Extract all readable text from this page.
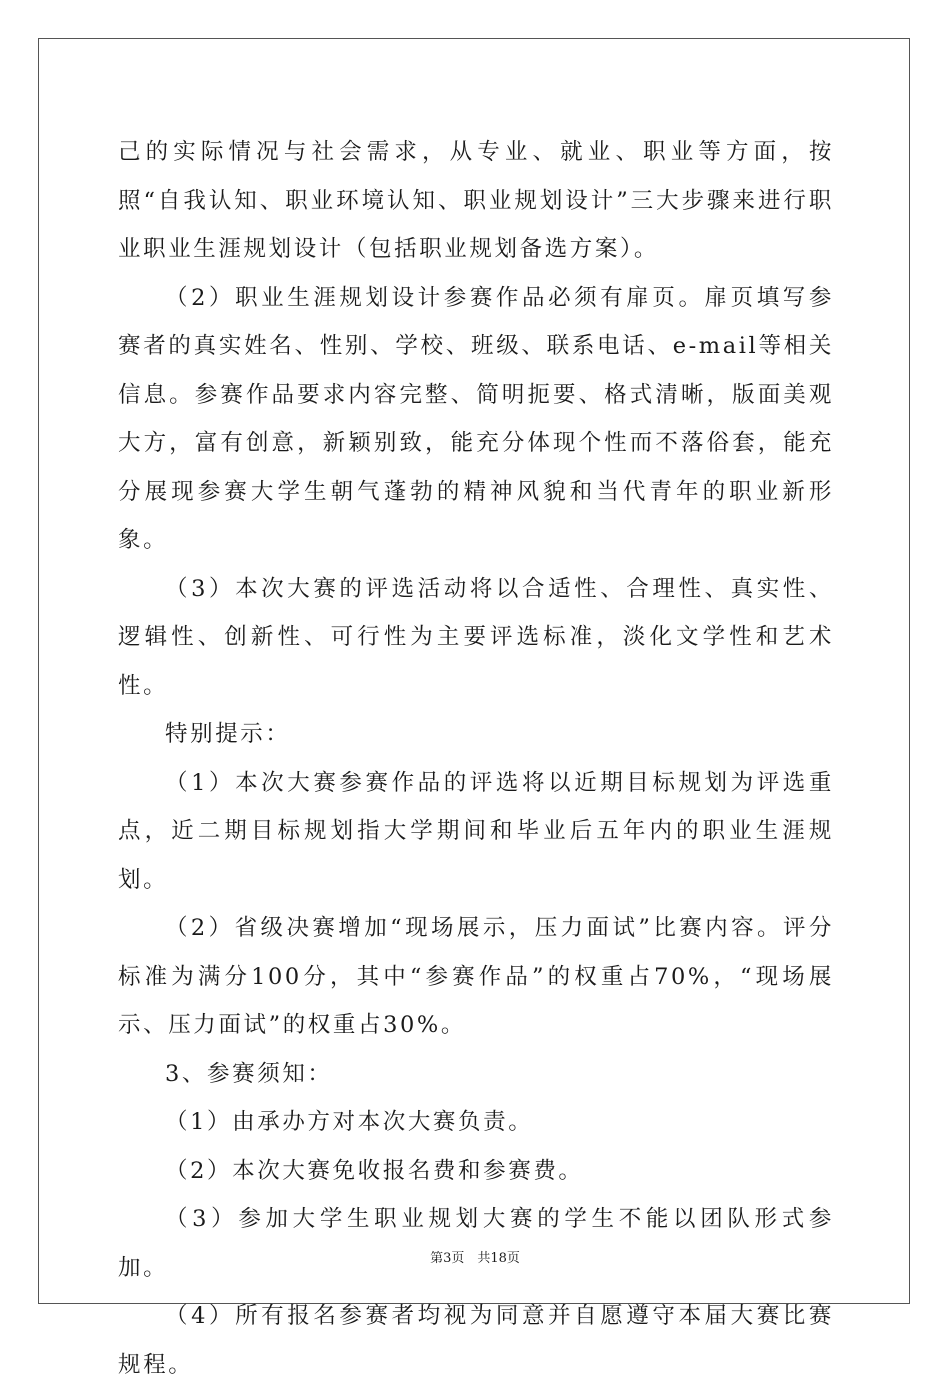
己的实际情况与社会需求，从专业、就业、职业等方面，按照“自我认知、职业环境认知、职业规划设计”三大步骤来进行职业职业生涯规划设计（包括职业规划备选方案）。

（2）职业生涯规划设计参赛作品必须有扉页。扉页填写参赛者的真实姓名、性别、学校、班级、联系电话、e-mail等相关信息。参赛作品要求内容完整、简明扼要、格式清晰，版面美观大方，富有创意，新颖别致，能充分体现个性而不落俗套，能充分展现参赛大学生朝气蓬勃的精神风貌和当代青年的职业新形象。

（3）本次大赛的评选活动将以合适性、合理性、真实性、逻辑性、创新性、可行性为主要评选标准，淡化文学性和艺术性。

特别提示：

（1）本次大赛参赛作品的评选将以近期目标规划为评选重点，近二期目标规划指大学期间和毕业后五年内的职业生涯规划。

（2）省级决赛增加“现场展示，压力面试”比赛内容。评分标准为满分100分，其中“参赛作品”的权重占70%，“现场展示、压力面试”的权重占30%。

3、参赛须知：

（1）由承办方对本次大赛负责。

（2）本次大赛免收报名费和参赛费。

（3）参加大学生职业规划大赛的学生不能以团队形式参加。

（4）所有报名参赛者均视为同意并自愿遵守本届大赛比赛规程。

第3页　共18页
